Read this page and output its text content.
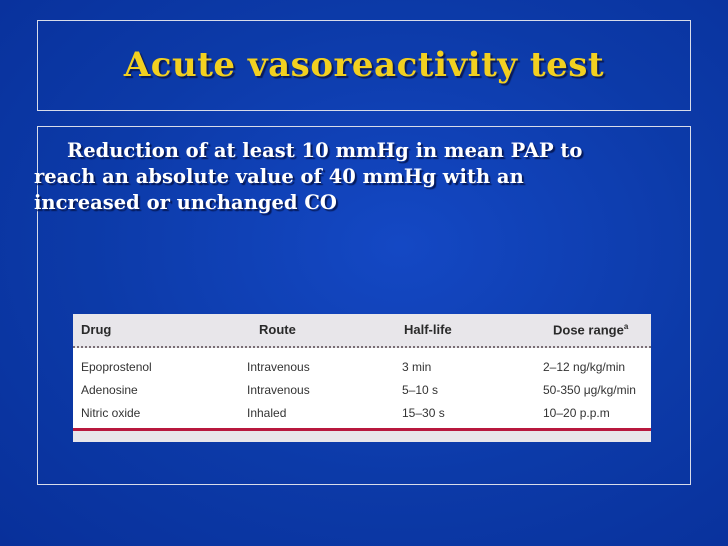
Acute vasoreactivity test
Reduction of at least 10 mmHg in mean PAP to
reach an absolute value of 40 mmHg with an
increased or unchanged CO
Drug	Route	Half-life	Dose range$^a$
Epoprostenol	Intravenous	3 min	2–12 ng/kg/min
Adenosine	Intravenous	5–10 s	50-350 μg/kg/min
Nitric oxide	Inhaled	15–30 s	10–20 p.p.m
